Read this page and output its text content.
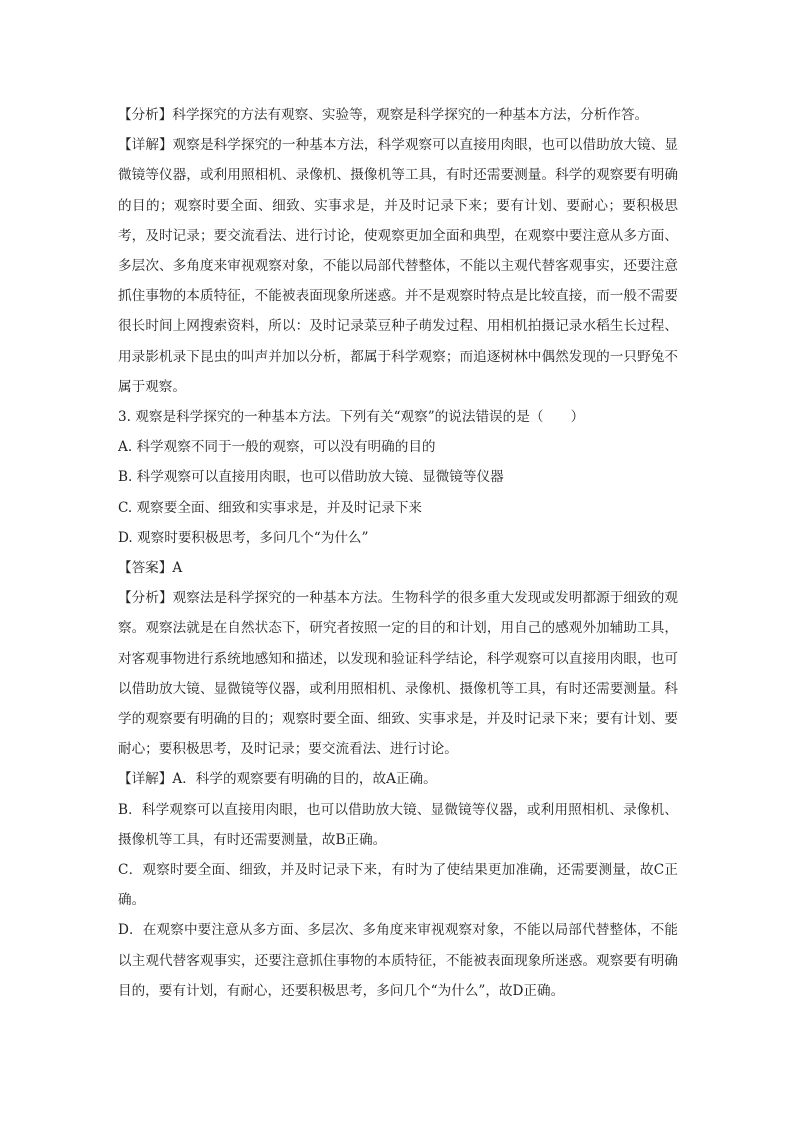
【分析】科学探究的方法有观察、实验等，观察是科学探究的一种基本方法，分析作答。

【详解】观察是科学探究的一种基本方法，科学观察可以直接用肉眼，也可以借助放大镜、显微镜等仪器，或利用照相机、录像机、摄像机等工具，有时还需要测量。科学的观察要有明确的目的；观察时要全面、细致、实事求是，并及时记录下来；要有计划、要耐心；要积极思考，及时记录；要交流看法、进行讨论，使观察更加全面和典型，在观察中要注意从多方面、多层次、多角度来审视观察对象，不能以局部代替整体，不能以主观代替客观事实，还要注意抓住事物的本质特征，不能被表面现象所迷惑。并不是观察时特点是比较直接，而一般不需要很长时间上网搜索资料，所以：及时记录菜豆种子萌发过程、用相机拍摄记录水稻生长过程、用录影机录下昆虫的叫声并加以分析，都属于科学观察；而追逐树林中偶然发现的一只野兔不属于观察。

3. 观察是科学探究的一种基本方法。下列有关“观察”的说法错误的是（　　）

A. 科学观察不同于一般的观察，可以没有明确的目的

B. 科学观察可以直接用肉眼，也可以借助放大镜、显微镜等仪器

C. 观察要全面、细致和实事求是，并及时记录下来

D. 观察时要积极思考，多问几个“为什么”

【答案】A

【分析】观察法是科学探究的一种基本方法。生物科学的很多重大发现或发明都源于细致的观察。观察法就是在自然状态下，研究者按照一定的目的和计划，用自己的感观外加辅助工具，对客观事物进行系统地感知和描述，以发现和验证科学结论，科学观察可以直接用肉眼，也可以借助放大镜、显微镜等仪器，或利用照相机、录像机、摄像机等工具，有时还需要测量。科学的观察要有明确的目的；观察时要全面、细致、实事求是，并及时记录下来；要有计划、要耐心；要积极思考，及时记录；要交流看法、进行讨论。

【详解】A．科学的观察要有明确的目的，故A正确。

B．科学观察可以直接用肉眼，也可以借助放大镜、显微镜等仪器，或利用照相机、录像机、摄像机等工具，有时还需要测量，故B正确。

C．观察时要全面、细致，并及时记录下来，有时为了使结果更加准确，还需要测量，故C正确。

D．在观察中要注意从多方面、多层次、多角度来审视观察对象，不能以局部代替整体，不能以主观代替客观事实，还要注意抓住事物的本质特征，不能被表面现象所迷惑。观察要有明确目的，要有计划，有耐心，还要积极思考，多问几个“为什么”，故D正确。
